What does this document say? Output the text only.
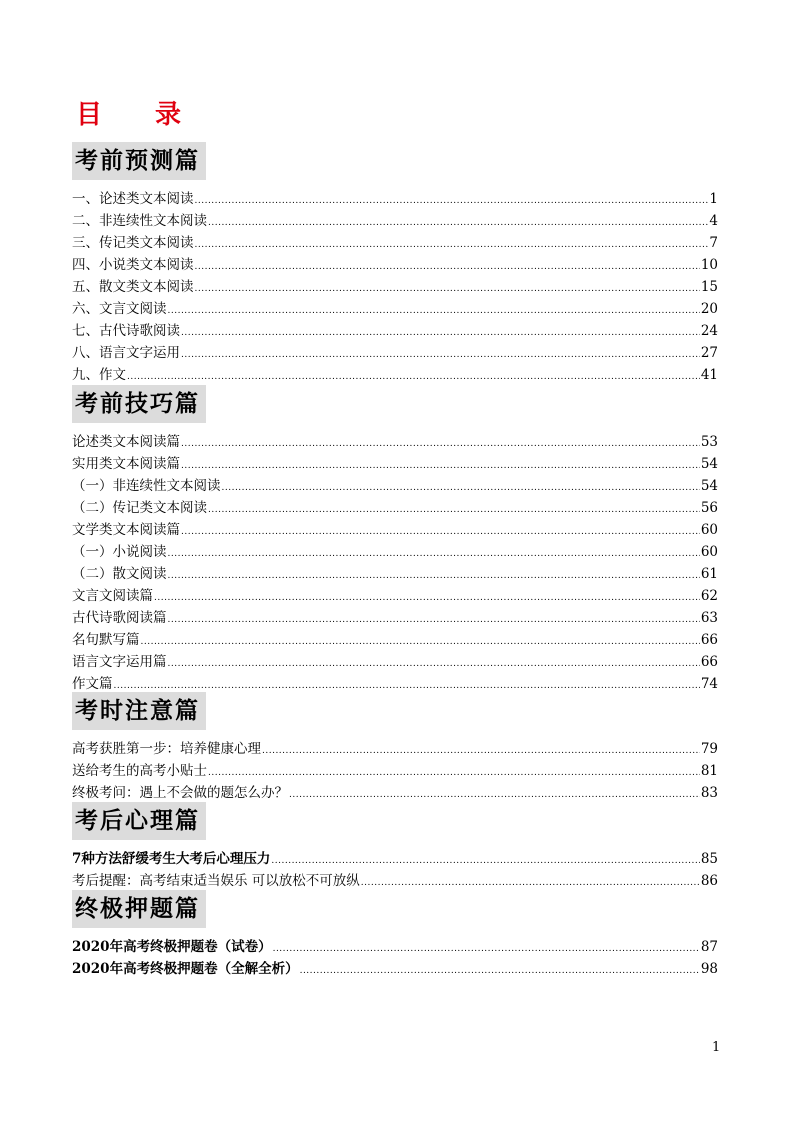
目 录
考前预测篇
一、论述类文本阅读 .....	1
二、非连续性文本阅读 .....	4
三、传记类文本阅读 .....	7
四、小说类文本阅读 .....	10
五、散文类文本阅读 .....	15
六、文言文阅读 .....	20
七、古代诗歌阅读 .....	24
八、语言文字运用 .....	27
九、作文 .....	41
考前技巧篇
论述类文本阅读篇 .....	53
实用类文本阅读篇 .....	54
（一）非连续性文本阅读 .....	54
（二）传记类文本阅读 .....	56
文学类文本阅读篇 .....	60
（一）小说阅读 .....	60
（二）散文阅读 .....	61
文言文阅读篇 .....	62
古代诗歌阅读篇 .....	63
名句默写篇 .....	66
语言文字运用篇 .....	66
作文篇 .....	74
考时注意篇
高考获胜第一步：培养健康心理 .....	79
送给考生的高考小贴士 .....	81
终极考问：遇上不会做的题怎么办？ .....	83
考后心理篇
7种方法舒缓考生大考后心理压力 .....	85
考后提醒：高考结束适当娱乐 可以放松不可放纵 .....	86
终极押题篇
2020年高考终极押题卷（试卷） .....	87
2020年高考终极押题卷（全解全析） .....	98
1
